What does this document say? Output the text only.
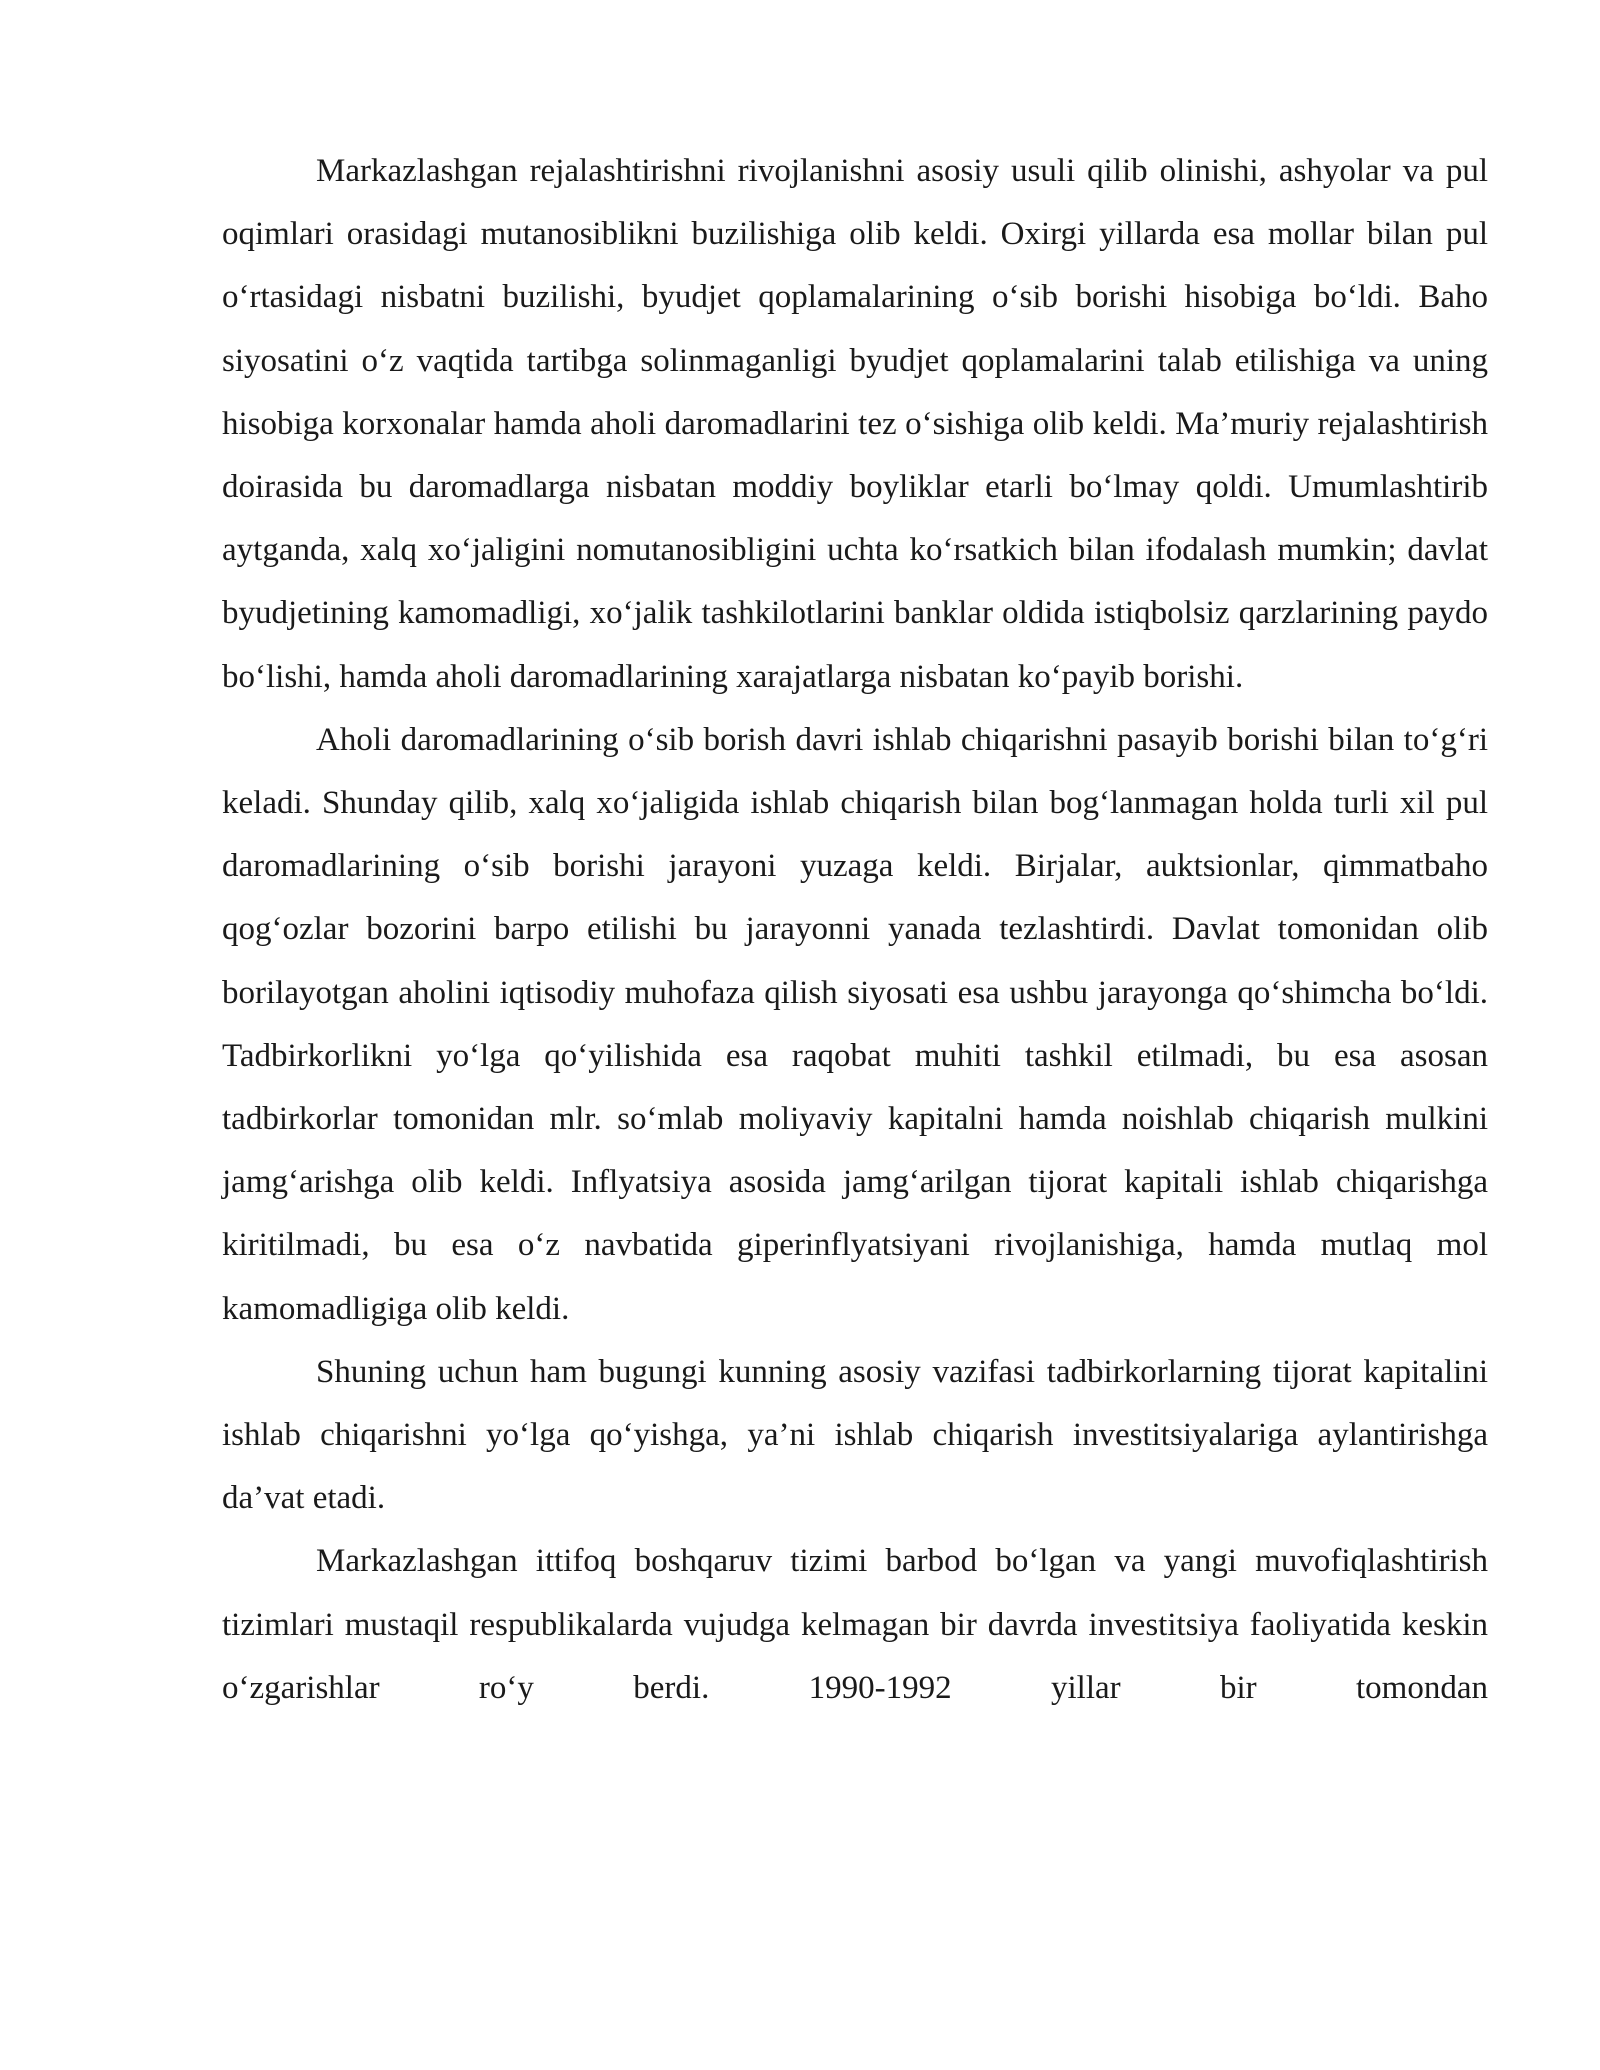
Markazlashgan rejalashtirishni rivojlanishni asosiy usuli qilib olinishi, ashyolar va pul oqimlari orasidagi mutanosiblikni buzilishiga olib keldi. Oxirgi yillarda esa mollar bilan pul oʻrtasidagi nisbatni buzilishi, byudjet qoplamalarining oʻsib borishi hisobiga boʻldi. Baho siyosatini oʻz vaqtida tartibga solinmaganligi byudjet qoplamalarini talab etilishiga va uning hisobiga korxonalar hamda aholi daromadlarini tez oʻsishiga olib keldi. Ma’muriy rejalashtirish doirasida bu daromadlarga nisbatan moddiy boyliklar etarli boʻlmay qoldi. Umumlashtirib aytganda, xalq xoʻjaligini nomutanosibligini uchta koʻrsatkich bilan ifodalash mumkin; davlat byudjetining kamomadligi, xoʻjalik tashkilotlarini banklar oldida istiqbolsiz qarzlarining paydo boʻlishi, hamda aholi daromadlarining xarajatlarga nisbatan koʻpayib borishi.

Aholi daromadlarining oʻsib borish davri ishlab chiqarishni pasayib borishi bilan toʻgʻri keladi. Shunday qilib, xalq xoʻjaligida ishlab chiqarish bilan bogʻlanmagan holda turli xil pul daromadlarining oʻsib borishi jarayoni yuzaga keldi. Birjalar, auktsionlar, qimmatbaho qogʻozlar bozorini barpo etilishi bu jarayonni yanada tezlashtirdi. Davlat tomonidan olib borilayotgan aholini iqtisodiy muhofaza qilish siyosati esa ushbu jarayonga qoʻshimcha boʻldi. Tadbirkorlikni yoʻlga qoʻyilishida esa raqobat muhiti tashkil etilmadi, bu esa asosan tadbirkorlar tomonidan mlr. soʻmlab moliyaviy kapitalni hamda noishlab chiqarish mulkini jamgʻarishga olib keldi. Inflyatsiya asosida jamgʻarilgan tijorat kapitali ishlab chiqarishga kiritilmadi, bu esa oʻz navbatida giperinflyatsiyani rivojlanishiga, hamda mutlaq mol kamomadligiga olib keldi.

Shuning uchun ham bugungi kunning asosiy vazifasi tadbirkorlarning tijorat kapitalini ishlab chiqarishni yoʻlga qoʻyishga, ya’ni ishlab chiqarish investitsiyalariga aylantirishga da’vat etadi.

Markazlashgan ittifoq boshqaruv tizimi barbod boʻlgan va yangi muvofiqlashtirish tizimlari mustaqil respublikalarda vujudga kelmagan bir davrda investitsiya faoliyatida keskin oʻzgarishlar roʻy berdi. 1990-1992 yillar bir tomondan
